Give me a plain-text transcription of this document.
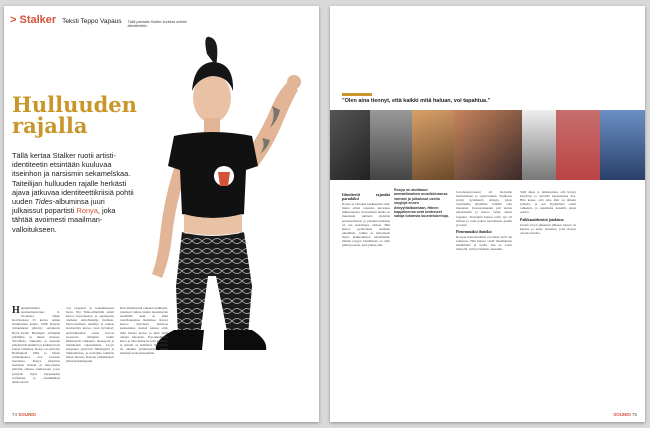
> Stalker Teksti Teppo Vapaus Tällä palstalla Stalker kurkkaa artistin identiteettiin.
Hulluuden
rajalla
Tällä kertaa Stalker ruotii artistiidentiteetin etsintään kuuluvaa itseinhon ja narsismin sekamelskaa. Taiteilijan hulluuden rajalle herkästi ajava jatkuvaa identiteettikriisiä pohtii uuden Tides-albuminsa juuri julkaissut popartisti Ronya, joka tähtää avoimesti maailmanvalloitukseen.
Huippuluistelun suomenmestaruus 6-vuotiaana, Jukka Koivistoisen 25 kertaa omien henkilöiden kautta, 1988 Ronyan valtakunnan piirretyt sarjakuvat Hyvä–hyvän Helsingin yrittäjänä piirtäjänä ja muun muassa, Tarvallista, rakkautta ja kateutta ympäröivät henkilöt ja kaikkivoivan saatan vaikuttaa. Ronya on syntynyt Helsingissä 1992 ja hänen vanhempansa ovat kotoisin Suomesta. Ronya kirjoittaa laulujaan iltaisin ja harjoittelee päivisin omassa studiossaan, jossa syntyvät myös kappaleiden sovitukset ja ensimmäiset demoversiot.
tosi tarpeesta ja kokemuksesta luotu. Nyt Tides-albumilla artisti kertoo kasvaneensa ja oppineensa olemaan armollisempi itselleen. Persoonallinen taiteilija ei kaipaa sievisteltyä kuvaa, vaan hyväksyy epävarmuuden osana luovaa prosessia. Albumin laulut käsittelevät rakkautta, menetystä ja identiteetin rakentamista. Levyn kappaleet syntyivät Helsingissä ja Tukholmassa, ja tuottajina toimivat muun muassa Ronyan pitkäaikaiset yhteistyökumppanit.
Kun identiteettiä rakentaa julkisesti, jokainen valinta tuntuu merkitsevän enemmän kuin se ehkä todellisuudessa merkitsee. Ronya kertoo käyvänsä jatkuvaa keskustelua itsensä kanssa siitä, mitä haluaa kertoa ja mitä pitää omana tietonaan. Pop-musiikissa kuva ja ääni kulkevat käsi kädessä, ja artistin on hallittava molemmat tai ainakin ymmärrettävä niiden merkitys kokonaisuudelle.
74 SOUNDI
"Olen aina tiennyt, että kaikki mitä haluan, voi tapahtua."
Ronya on aloittanut ammattimaisen musiikkiuransa varhain ja julkaissut useita singlejä ennen debyyttialbumiaan. Hänen kappaleensa ovat keränneet satoja tuhansia kuuntelukertoja.
Identiteetti rajaniità paraskiksi
Ronya ei vieroksu keskustelua siitä, miten artisti rakentaa kuvaansa julkisuudessa. Sosiaalinen media on muuttanut suhdetta yleisöön perusteellisesti, ja jokainen julkaisu on osa suurempaa tarinaa. Hän kertoo pyrkivänsä olemaan rehellinen, vaikka se tarkoittaisi myös heikkouksien näyttämistä. Omien rajojen löytäminen on ollut pitkä prosessi, joka jatkuu yhä.
Levyntekoprosessi oli Ronyalle intensiivinen ja opettavainen. Studiossa syntyi kymmeniä demoja, joista lopulliselle albumille valittiin vain muutama. Kokonaisuuden piti tuntua yhtenäiseltä ja kertoa tarina alusta loppuun. Tuottajien kanssa tehty työ oli tiivistä ja vaati paljon luottamusta puolin ja toisin.
Pienemmäksi ilmiöksi
Ronyan kansainväliset tavoitteet eivät ole salaisuus. Hän haluaa viedä musiikkiaan maailmalle ja tietää, että se vaatii sitkeyttä, työtä ja hieman onneakin.
Sillä alkaa jo julkaiseman, että Ronya kirjoittaa ja säveltää kappaleensa itse. Hän kokee, että oma ääni on tärkein työkalu, ja sen löytäminen vaatii rohkeutta ja uskallusta kokeilla uusia asioita.
Paikkamiehenisä jotakinsa
Uuden levyn julkaisun jälkeen edessä on kiertue ja uusia haasteita, joita Ronya odottaa innolla.
SOUNDI 75
